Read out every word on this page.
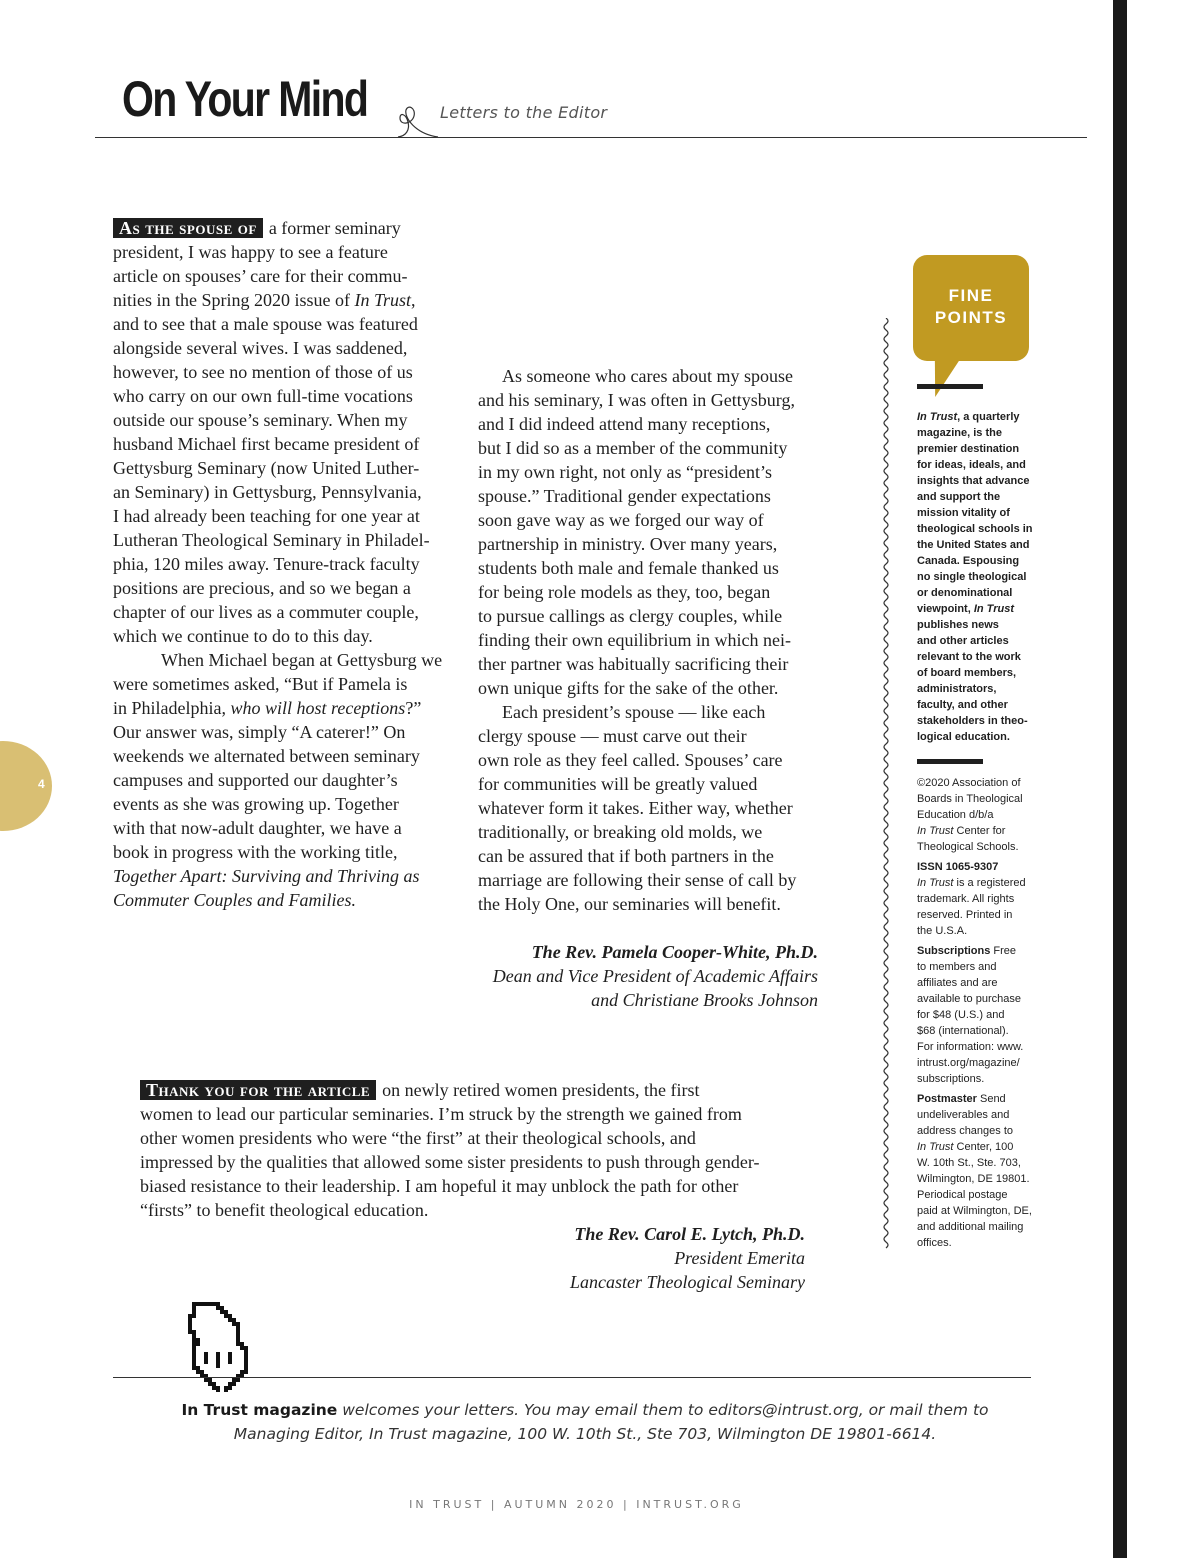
On Your Mind	Letters to the Editor
As the spouse of a former seminary
president, I was happy to see a feature
article on spouses’ care for their commu-
nities in the Spring 2020 issue of In Trust,
and to see that a male spouse was featured
alongside several wives. I was saddened,
however, to see no mention of those of us
who carry on our own full-time vocations
outside our spouse’s seminary. When my
husband Michael first became president of
Gettysburg Seminary (now United Luther-
an Seminary) in Gettysburg, Pennsylvania,
I had already been teaching for one year at
Lutheran Theological Seminary in Philadel-
phia, 120 miles away. Tenure-track faculty
positions are precious, and so we began a
chapter of our lives as a commuter couple,
which we continue to do to this day.
When Michael began at Gettysburg we
were sometimes asked, “But if Pamela is
in Philadelphia, who will host receptions?”
Our answer was, simply “A caterer!” On
weekends we alternated between seminary
campuses and supported our daughter’s
events as she was growing up. Together
with that now-adult daughter, we have a
book in progress with the working title,
Together Apart: Surviving and Thriving as
Commuter Couples and Families.
As someone who cares about my spouse
and his seminary, I was often in Gettysburg,
and I did indeed attend many receptions,
but I did so as a member of the community
in my own right, not only as “president’s
spouse.” Traditional gender expectations
soon gave way as we forged our way of
partnership in ministry. Over many years,
students both male and female thanked us
for being role models as they, too, began
to pursue callings as clergy couples, while
finding their own equilibrium in which nei-
ther partner was habitually sacrificing their
own unique gifts for the sake of the other.
Each president’s spouse — like each
clergy spouse — must carve out their
own role as they feel called. Spouses’ care
for communities will be greatly valued
whatever form it takes. Either way, whether
traditionally, or breaking old molds, we
can be assured that if both partners in the
marriage are following their sense of call by
the Holy One, our seminaries will benefit.
The Rev. Pamela Cooper-White, Ph.D.
Dean and Vice President of Academic Affairs
and Christiane Brooks Johnson
Thank you for the article on newly retired women presidents, the first
women to lead our particular seminaries. I’m struck by the strength we gained from
other women presidents who were “the first” at their theological schools, and
impressed by the qualities that allowed some sister presidents to push through gender-
biased resistance to their leadership. I am hopeful it may unblock the path for other
“firsts” to benefit theological education.
The Rev. Carol E. Lytch, Ph.D.
President Emerita
Lancaster Theological Seminary
FINE
POINTS
In Trust, a quarterly
magazine, is the
premier destination
for ideas, ideals, and
insights that advance
and support the
mission vitality of
theological schools in
the United States and
Canada. Espousing
no single theological
or denominational
viewpoint, In Trust
publishes news
and other articles
relevant to the work
of board members,
administrators,
faculty, and other
stakeholders in theo-
logical education.
©2020 Association of
Boards in Theological
Education d/b/a
In Trust Center for
Theological Schools.
ISSN 1065-9307
In Trust is a registered
trademark. All rights
reserved. Printed in
the U.S.A.
Subscriptions Free
to members and
affiliates and are
available to purchase
for $48 (U.S.) and
$68 (international).
For information: www.
intrust.org/magazine/
subscriptions.
Postmaster Send
undeliverables and
address changes to
In Trust Center, 100
W. 10th St., Ste. 703,
Wilmington, DE 19801.
Periodical postage
paid at Wilmington, DE,
and additional mailing
offices.
4
In Trust magazine welcomes your letters. You may email them to editors@intrust.org, or mail them to
Managing Editor, In Trust magazine, 100 W. 10th St., Ste 703, Wilmington DE 19801-6614.
IN TRUST | AUTUMN 2020 | INTRUST.ORG
